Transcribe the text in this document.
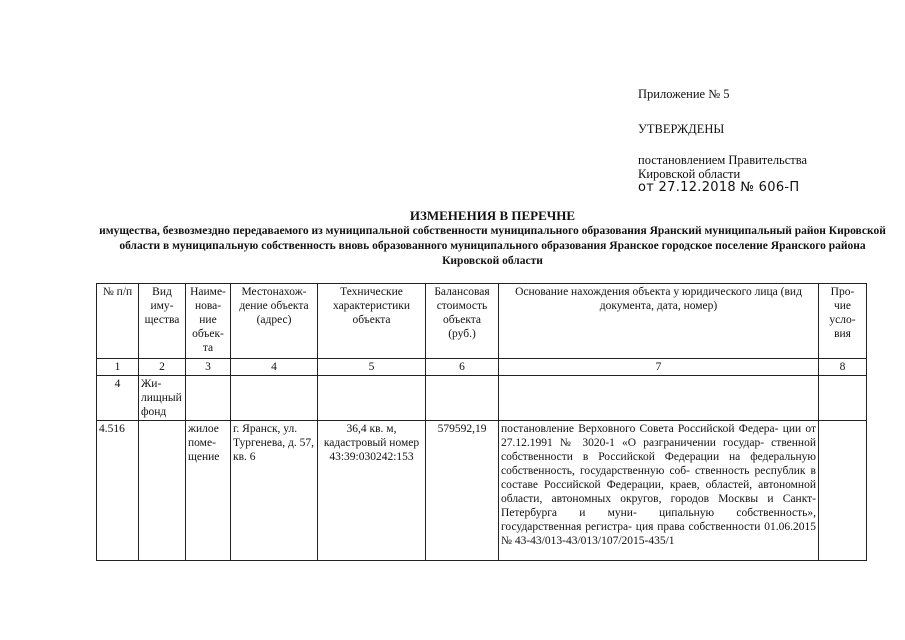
Приложение № 5
УТВЕРЖДЕНЫ
постановлением Правительства
Кировской области
от 27.12.2018 № 606-П
ИЗМЕНЕНИЯ В ПЕРЕЧНЕ
имущества, безвозмездно передаваемого из муниципальной собственности муниципального образования Яранский муниципальный район Кировской области в муниципальную собственность вновь образованного муниципального образования Яранское городское поселение Яранского района Кировской области
№ п/п	Вид иму- щества	Наиме- нова- ние объек- та	Местонахож- дение объекта (адрес)	Технические характеристики объекта	Балансовая стоимость объекта (руб.)	Основание нахождения объекта у юридического лица (вид документа, дата, номер)	Про- чие усло- вия
1	2	3	4	5	6	7	8
4	Жи- лищный фонд						
4.516		жилое поме- щение	г. Яранск, ул. Тургенева, д. 57, кв. 6	36,4 кв. м, кадастровый номер 43:39:030242:153	579592,19	постановление Верховного Совета Российской Федера- ции от 27.12.1991 № 3020-1 «О разграничении государ- ственной собственности в Российской Федерации на федеральную собственность, государственную соб- ственность республик в составе Российской Федерации, краев, областей, автономной области, автономных округов, городов Москвы и Санкт-Петербурга и муни- ципальную собственность», государственная регистра- ция права собственности 01.06.2015 № 43-43/013-43/013/107/2015-435/1	
